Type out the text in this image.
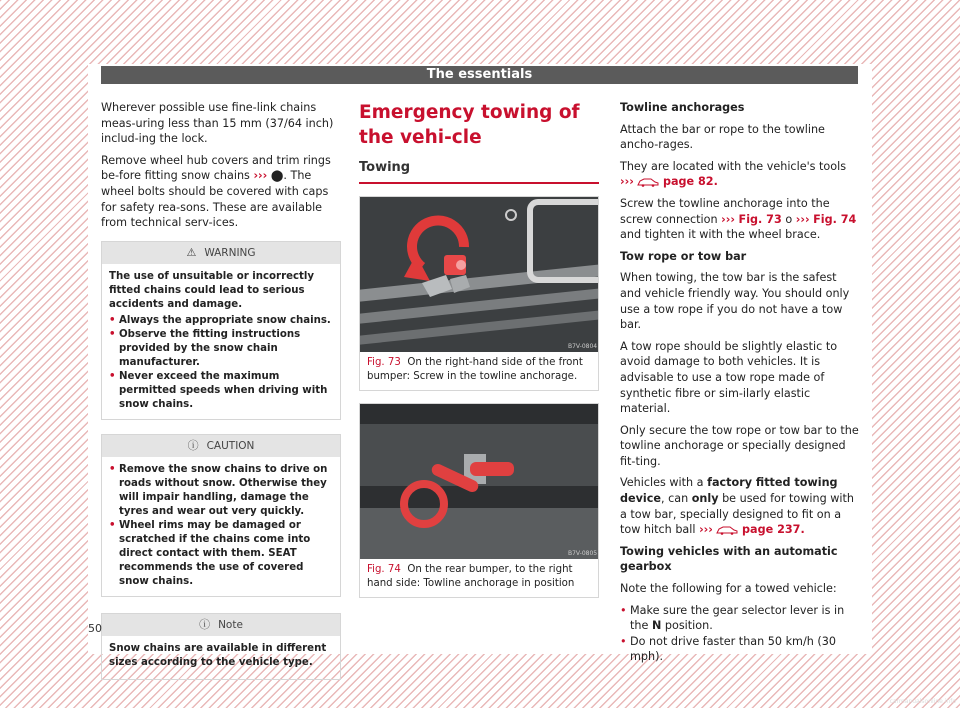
The essentials

Wherever possible use fine-link chains meas-uring less than 15 mm (37/64 inch) includ-ing the lock.

Remove wheel hub covers and trim rings be-fore fitting snow chains ››› ⬤. The wheel bolts should be covered with caps for safety rea-sons. These are available from technical serv-ices.

⚠ WARNING

The use of unsuitable or incorrectly fitted chains could lead to serious accidents and damage.

• Always the appropriate snow chains.
• Observe the fitting instructions provided by the snow chain manufacturer.
• Never exceed the maximum permitted speeds when driving with snow chains.
ⓘ CAUTION
• Remove the snow chains to drive on roads without snow. Otherwise they will impair handling, damage the tyres and wear out very quickly.
• Wheel rims may be damaged or scratched if the chains come into direct contact with them. SEAT recommends the use of covered snow chains.
ⓘ Note

Snow chains are available in different sizes according to the vehicle type.

Emergency towing of the vehi-cle
Towing
B7V-0804
Fig. 73 On the right-hand side of the front bumper: Screw in the towline anchorage.
B7V-0805
Fig. 74 On the rear bumper, to the right hand side: Towline anchorage in position

Towline anchorages

Attach the bar or rope to the towline ancho-rages.

They are located with the vehicle's tools ›››	page 82.

Screw the towline anchorage into the screw connection ››› Fig. 73 o ››› Fig. 74 and tighten it with the wheel brace.

Tow rope or tow bar

When towing, the tow bar is the safest and vehicle friendly way. You should only use a tow rope if you do not have a tow bar.

A tow rope should be slightly elastic to avoid damage to both vehicles. It is advisable to use a tow rope made of synthetic fibre or sim-ilarly elastic material.

Only secure the tow rope or tow bar to the towline anchorage or specially designed fit-ting.

Vehicles with a factory fitted towing device, can only be used for towing with a tow bar, specially designed to fit on a tow hitch ball ›››	page 237.

Towing vehicles with an automatic gearbox

Note the following for a towed vehicle:

• Make sure the gear selector lever is in the N position.
• Do not drive faster than 50 km/h (30 mph).
50
carmanualsonline.info
